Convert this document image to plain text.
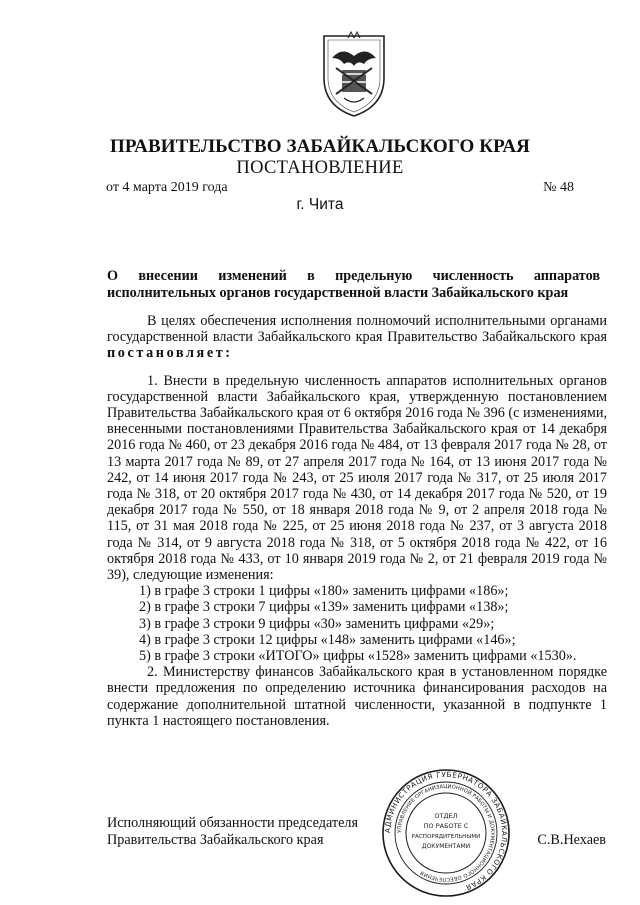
ПРАВИТЕЛЬСТВО ЗАБАЙКАЛЬСКОГО КРАЯ
ПОСТАНОВЛЕНИЕ
от 4 марта 2019 года	№ 48
г. Чита
О внесении изменений в предельную численность аппаратов
исполнительных органов государственной власти Забайкальского края

В целях обеспечения исполнения полномочий исполнительными органами государственной власти Забайкальского края Правительство Забайкальского края постановляет:

1. Внести в предельную численность аппаратов исполнительных органов государственной власти Забайкальского края, утвержденную постановлением Правительства Забайкальского края от 6 октября 2016 года № 396 (с изменениями, внесенными постановлениями Правительства Забайкальского края от 14 декабря 2016 года № 460, от 23 декабря 2016 года № 484, от 13 февраля 2017 года № 28, от 13 марта 2017 года № 89, от 27 апреля 2017 года № 164, от 13 июня 2017 года № 242, от 14 июня 2017 года № 243, от 25 июля 2017 года № 317, от 25 июля 2017 года № 318, от 20 октября 2017 года № 430, от 14 декабря 2017 года № 520, от 19 декабря 2017 года № 550, от 18 января 2018 года № 9, от 2 апреля 2018 года № 115, от 31 мая 2018 года № 225, от 25 июня 2018 года № 237, от 3 августа 2018 года № 314, от 9 августа 2018 года № 318, от 5 октября 2018 года № 422, от 16 октября 2018 года № 433, от 10 января 2019 года № 2, от 21 февраля 2019 года № 39), следующие изменения:

1) в графе 3 строки 1 цифры «180» заменить цифрами «186»;
2) в графе 3 строки 7 цифры «139» заменить цифрами «138»;
3) в графе 3 строки 9 цифры «30» заменить цифрами «29»;
4) в графе 3 строки 12 цифры «148» заменить цифрами «146»;
5) в графе 3 строки «ИТОГО» цифры «1528» заменить цифрами «1530».

2. Министерству финансов Забайкальского края в установленном порядке внести предложения по определению источника финансирования расходов на содержание дополнительной штатной численности, указанной в подпункте 1 пункта 1 настоящего постановления.

Исполняющий обязанности председателя
Правительства Забайкальского края	С.В.Нехаев
АДМИНИСТРАЦИЯ ГУБЕРНАТОРА ЗАБАЙКАЛЬСКОГО КРАЯ
УПРАВЛЕНИЕ ОРГАНИЗАЦИОННОЙ РАБОТЫ И ДОКУМЕНТАЦИОННОГО ОБЕСПЕЧЕНИЯ
ОТДЕЛ
ПО РАБОТЕ С
РАСПОРЯДИТЕЛЬНЫМИ
ДОКУМЕНТАМИ
